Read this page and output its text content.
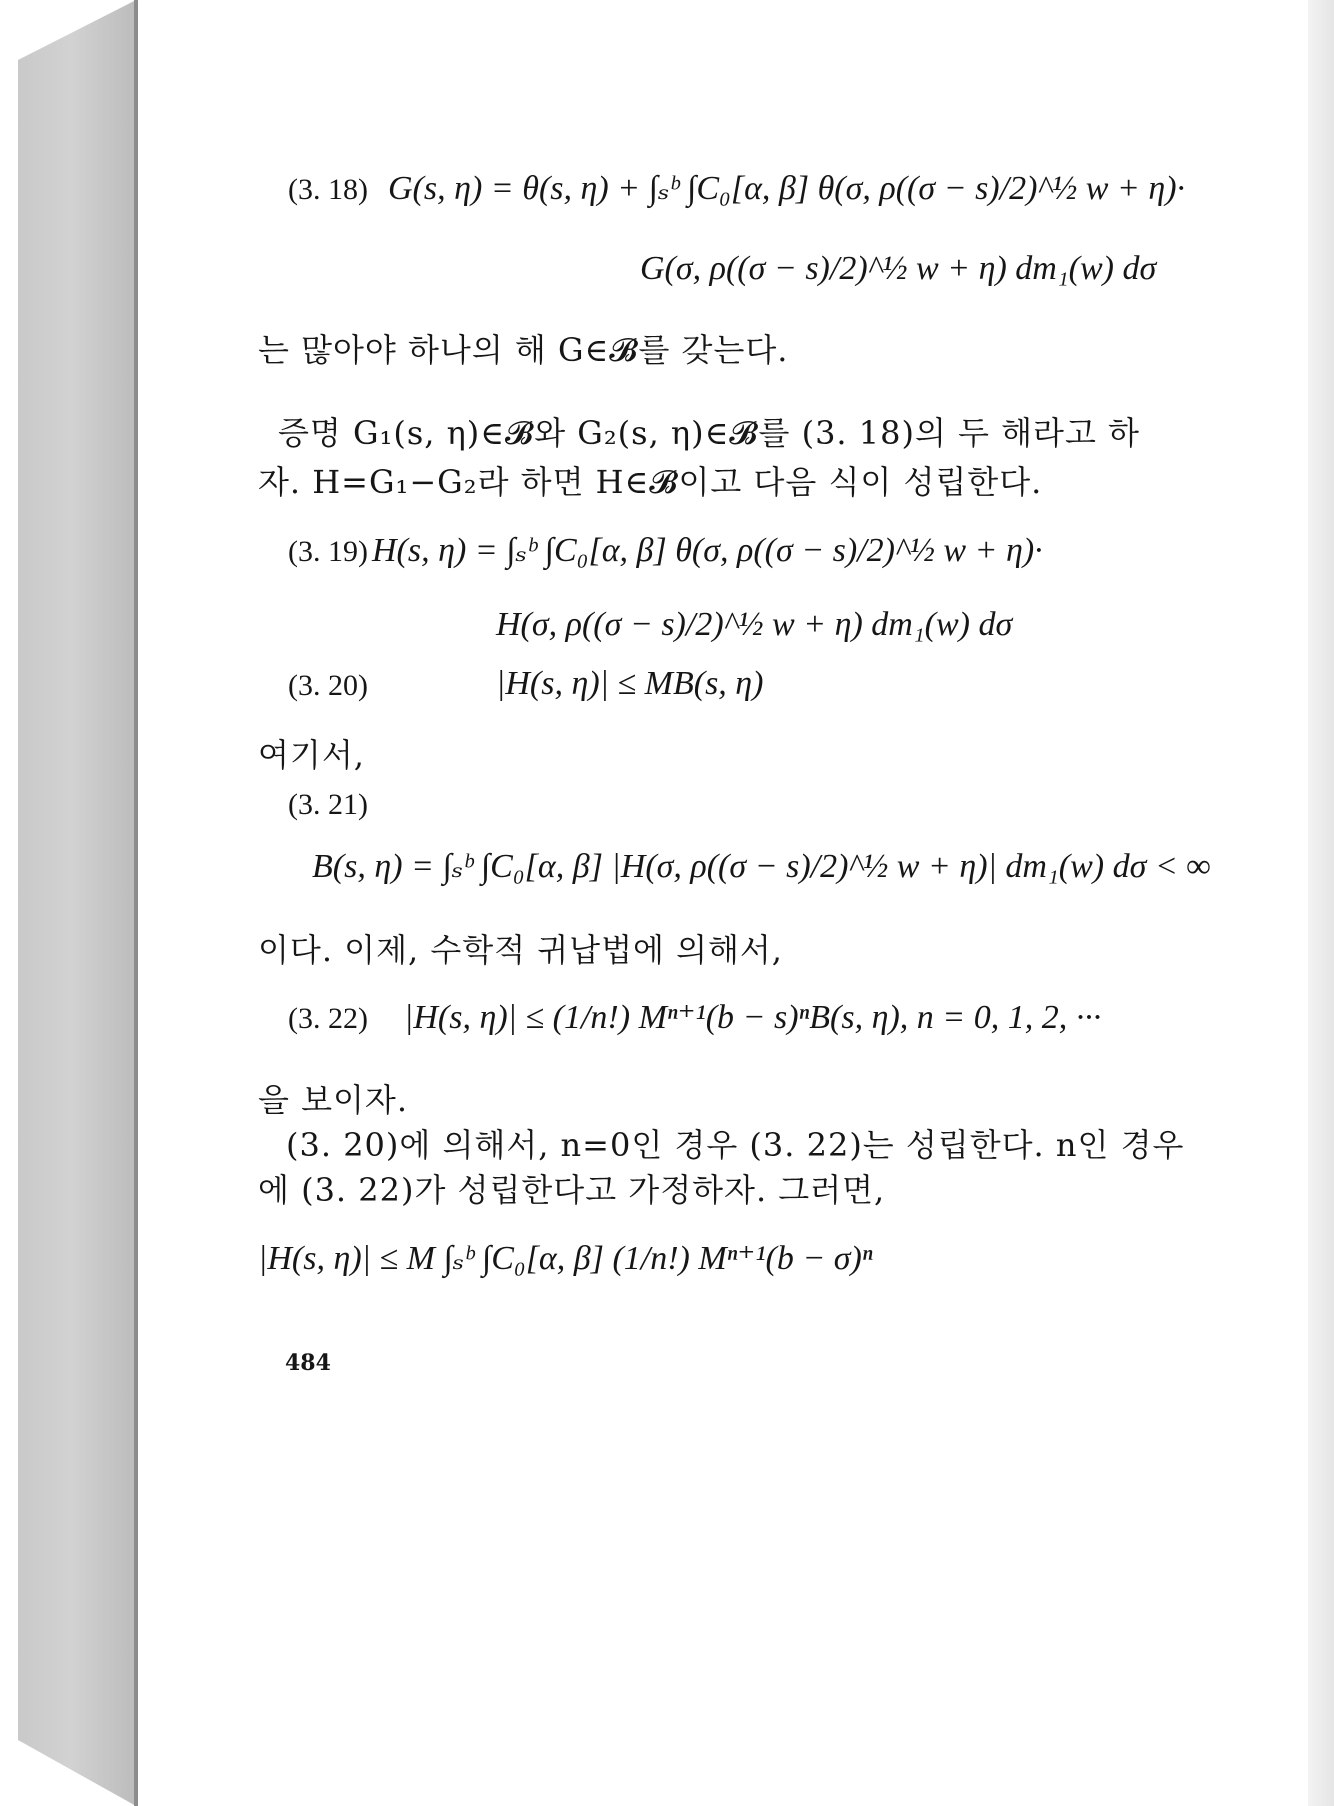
(3. 18) G(s, η) = θ(s, η) + ∫ₛᵇ ∫C₀[α, β] θ(σ, ρ((σ − s)/2)^½ w + η)·
G(σ, ρ((σ − s)/2)^½ w + η) dm₁(w) dσ
는 많아야 하나의 해 G∈𝓑를 갖는다.
증명 G₁(s, η)∈𝓑와 G₂(s, η)∈𝓑를 (3. 18)의 두 해라고 하
자. H=G₁−G₂라 하면 H∈𝓑이고 다음 식이 성립한다.
(3. 19) H(s, η) = ∫ₛᵇ ∫C₀[α, β] θ(σ, ρ((σ − s)/2)^½ w + η)·
H(σ, ρ((σ − s)/2)^½ w + η) dm₁(w) dσ
(3. 20)	|H(s, η)| ≤ MB(s, η)
여기서,
(3. 21)
B(s, η) = ∫ₛᵇ ∫C₀[α, β] |H(σ, ρ((σ − s)/2)^½ w + η)| dm₁(w) dσ < ∞
이다. 이제, 수학적 귀납법에 의해서,
(3. 22) |H(s, η)| ≤ (1/n!) Mⁿ⁺¹(b − s)ⁿB(s, η), n = 0, 1, 2, ···
을 보이자.
(3. 20)에 의해서, n=0인 경우 (3. 22)는 성립한다. n인 경우
에 (3. 22)가 성립한다고 가정하자. 그러면,
|H(s, η)| ≤ M ∫ₛᵇ ∫C₀[α, β] (1/n!) Mⁿ⁺¹(b − σ)ⁿ
484
